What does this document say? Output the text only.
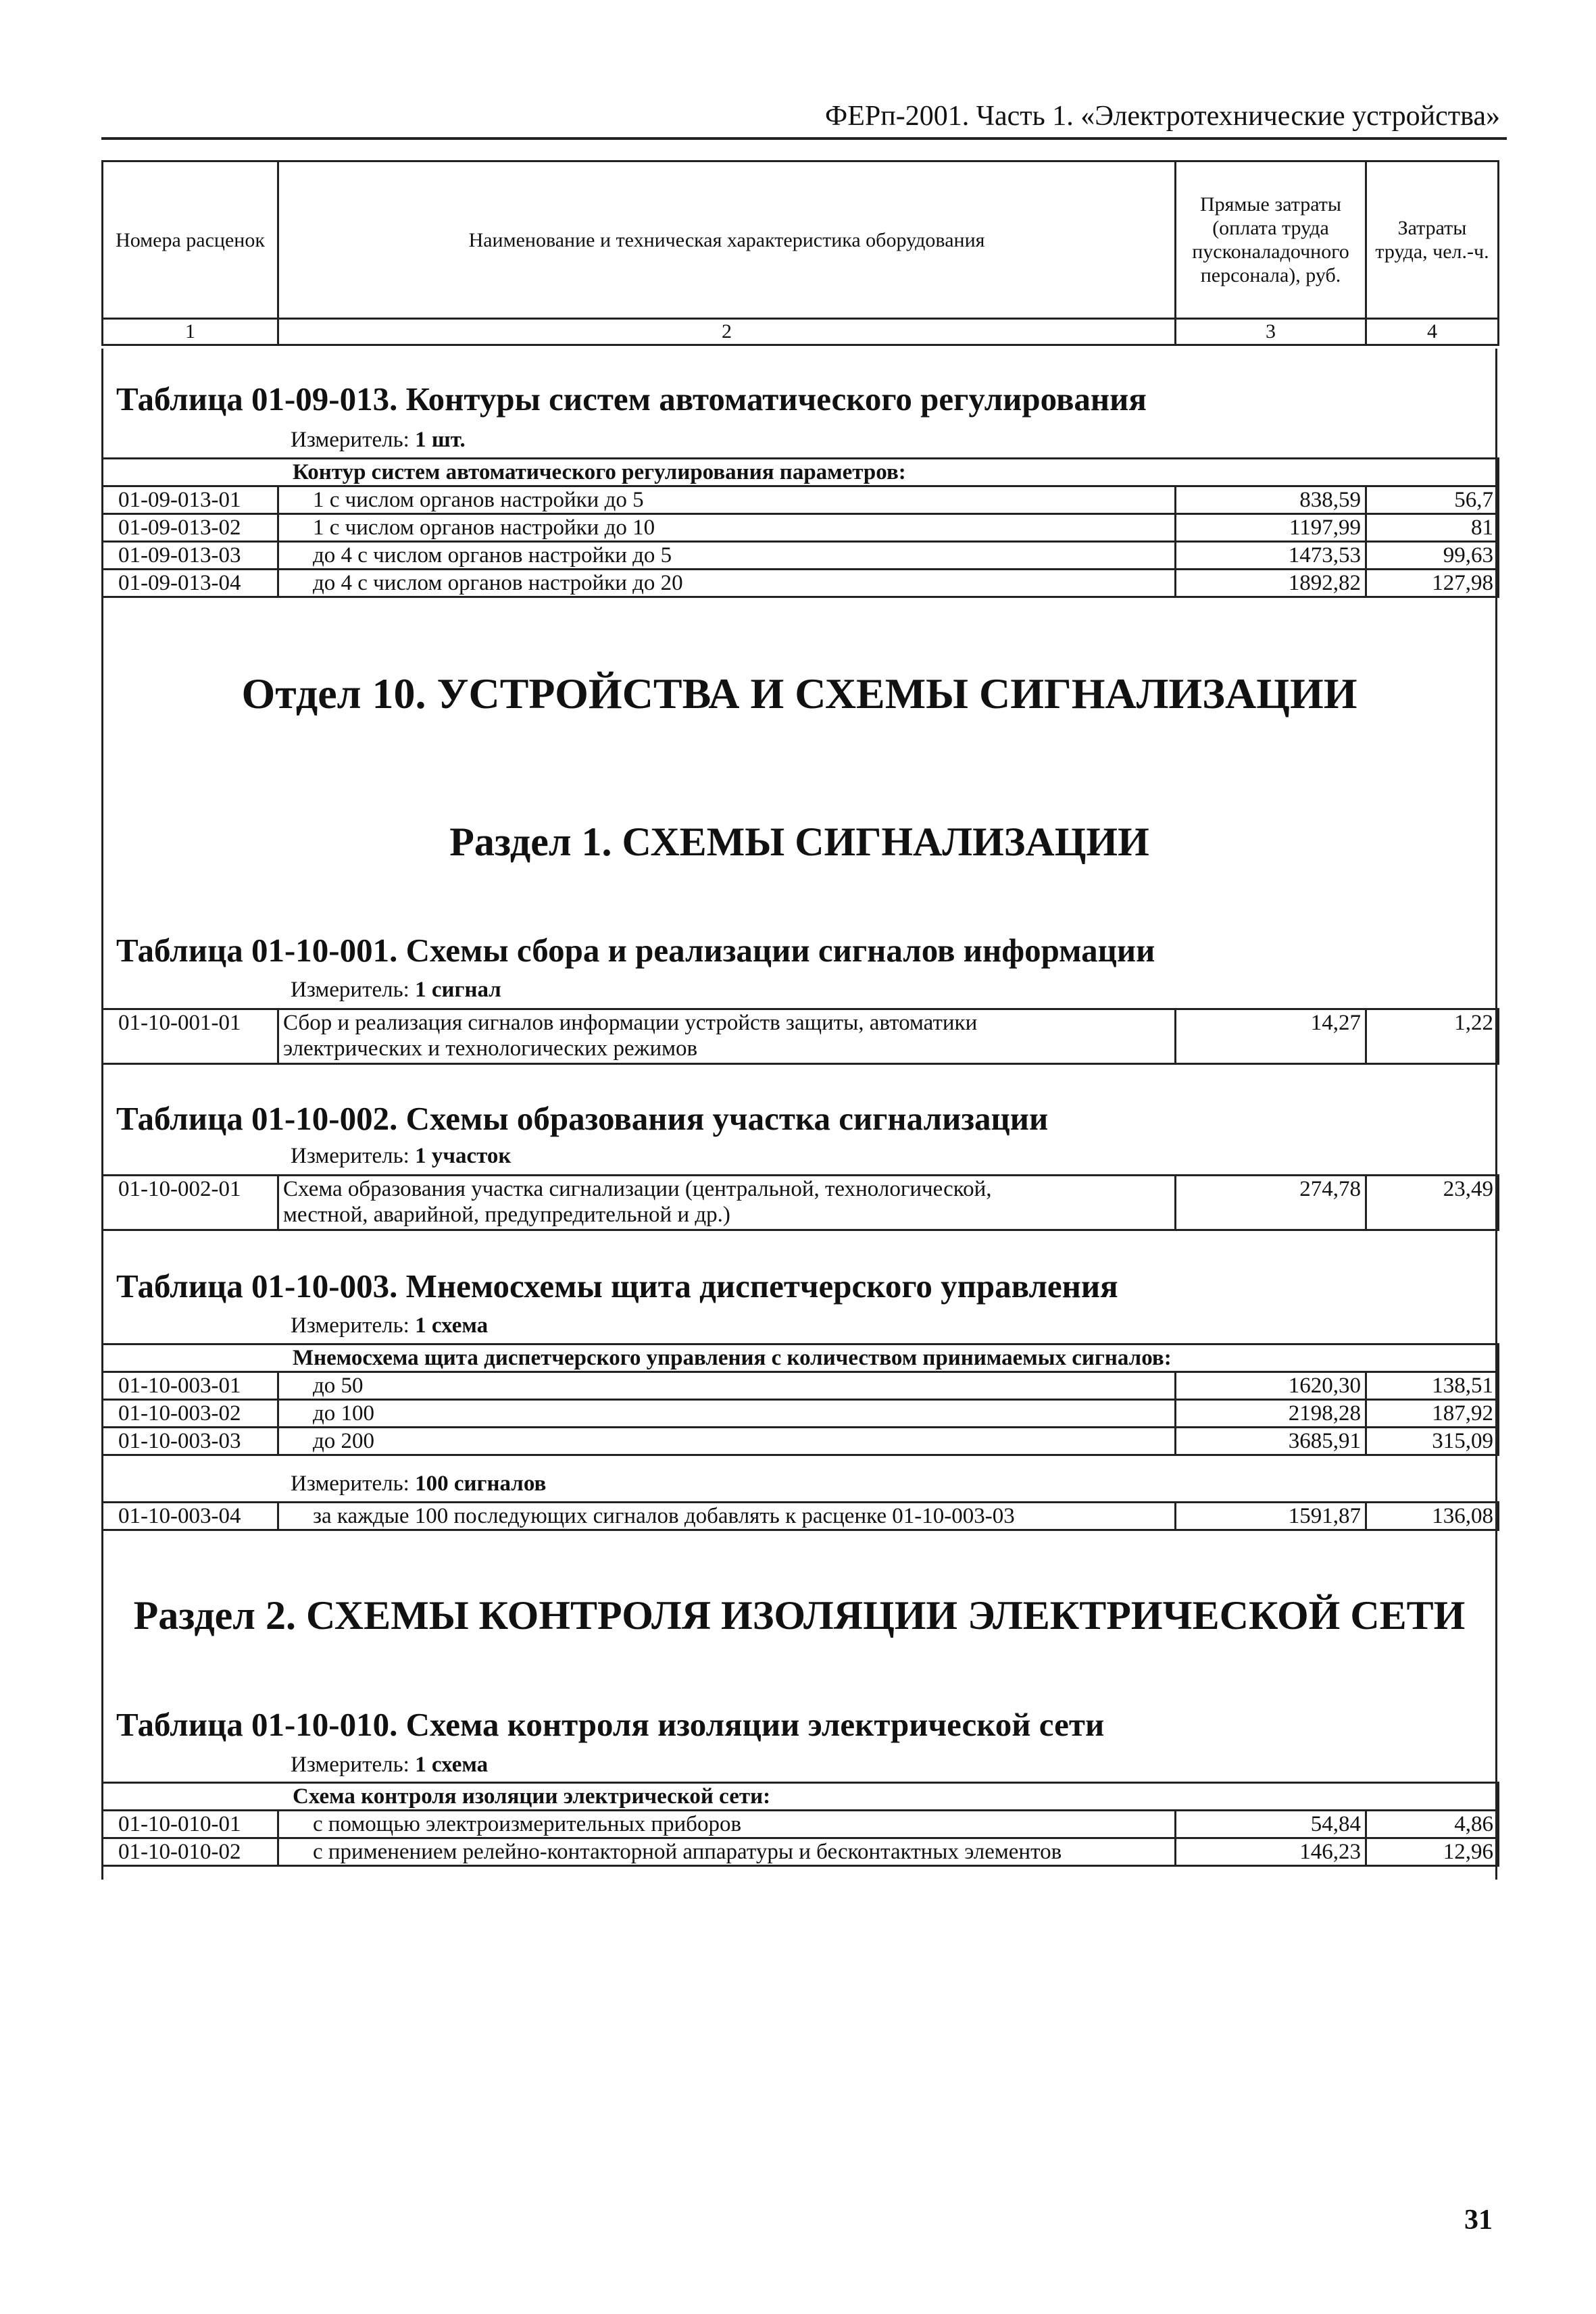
ФЕРп-2001. Часть 1. «Электротехнические устройства»
Номера расценок	Наименование и техническая характеристика оборудования	Прямые затраты (оплата труда пусконаладочного персонала), руб.	Затраты труда, чел.-ч.
1	2	3	4
Таблица 01-09-013. Контуры систем автоматического регулирования
Измеритель: 1 шт.
Контур систем автоматического регулирования параметров:			
01-09-013-01	1 с числом органов настройки до 5	838,59	56,7
01-09-013-02	1 с числом органов настройки до 10	1197,99	81
01-09-013-03	до 4 с числом органов настройки до 5	1473,53	99,63
01-09-013-04	до 4 с числом органов настройки до 20	1892,82	127,98
Отдел 10. УСТРОЙСТВА И СХЕМЫ СИГНАЛИЗАЦИИ
Раздел 1. СХЕМЫ СИГНАЛИЗАЦИИ
Таблица 01-10-001. Схемы сбора и реализации сигналов информации
Измеритель: 1 сигнал
01-10-001-01	Сбор и реализация сигналов информации устройств защиты, автоматики
электрических и технологических режимов
	14,27	1,22
Таблица 01-10-002. Схемы образования участка сигнализации
Измеритель: 1 участок
01-10-002-01	Схема образования участка сигнализации (центральной, технологической,
местной, аварийной, предупредительной и др.)
	274,78	23,49
Таблица 01-10-003. Мнемосхемы щита диспетчерского управления
Измеритель: 1 схема
Мнемосхема щита диспетчерского управления с количеством принимаемых сигналов:			
01-10-003-01	до 50	1620,30	138,51
01-10-003-02	до 100	2198,28	187,92
01-10-003-03	до 200	3685,91	315,09
Измеритель: 100 сигналов
01-10-003-04	за каждые 100 последующих сигналов добавлять к расценке 01-10-003-03	1591,87	136,08
Раздел 2. СХЕМЫ КОНТРОЛЯ ИЗОЛЯЦИИ ЭЛЕКТРИЧЕСКОЙ СЕТИ
Таблица 01-10-010. Схема контроля изоляции электрической сети
Измеритель: 1 схема
Схема контроля изоляции электрической сети:			
01-10-010-01	с помощью электроизмерительных приборов	54,84	4,86
01-10-010-02	с применением релейно-контакторной аппаратуры и бесконтактных элементов	146,23	12,96
31
